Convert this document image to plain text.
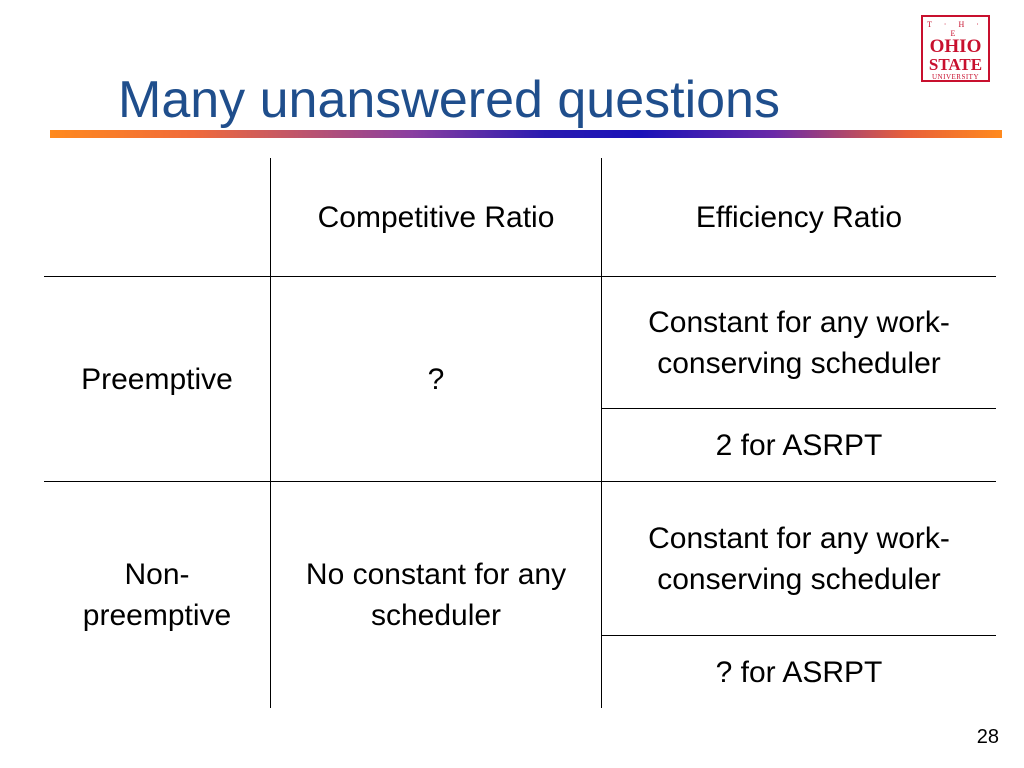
Many unanswered questions
T · H · E
OHIO
STATE
UNIVERSITY
Competitive Ratio	Efficiency Ratio
Preemptive	?
Constant for any work-conserving scheduler
2 for ASRPT
Non-preemptive
No constant for any scheduler
Constant for any work-conserving scheduler
? for ASRPT
28
